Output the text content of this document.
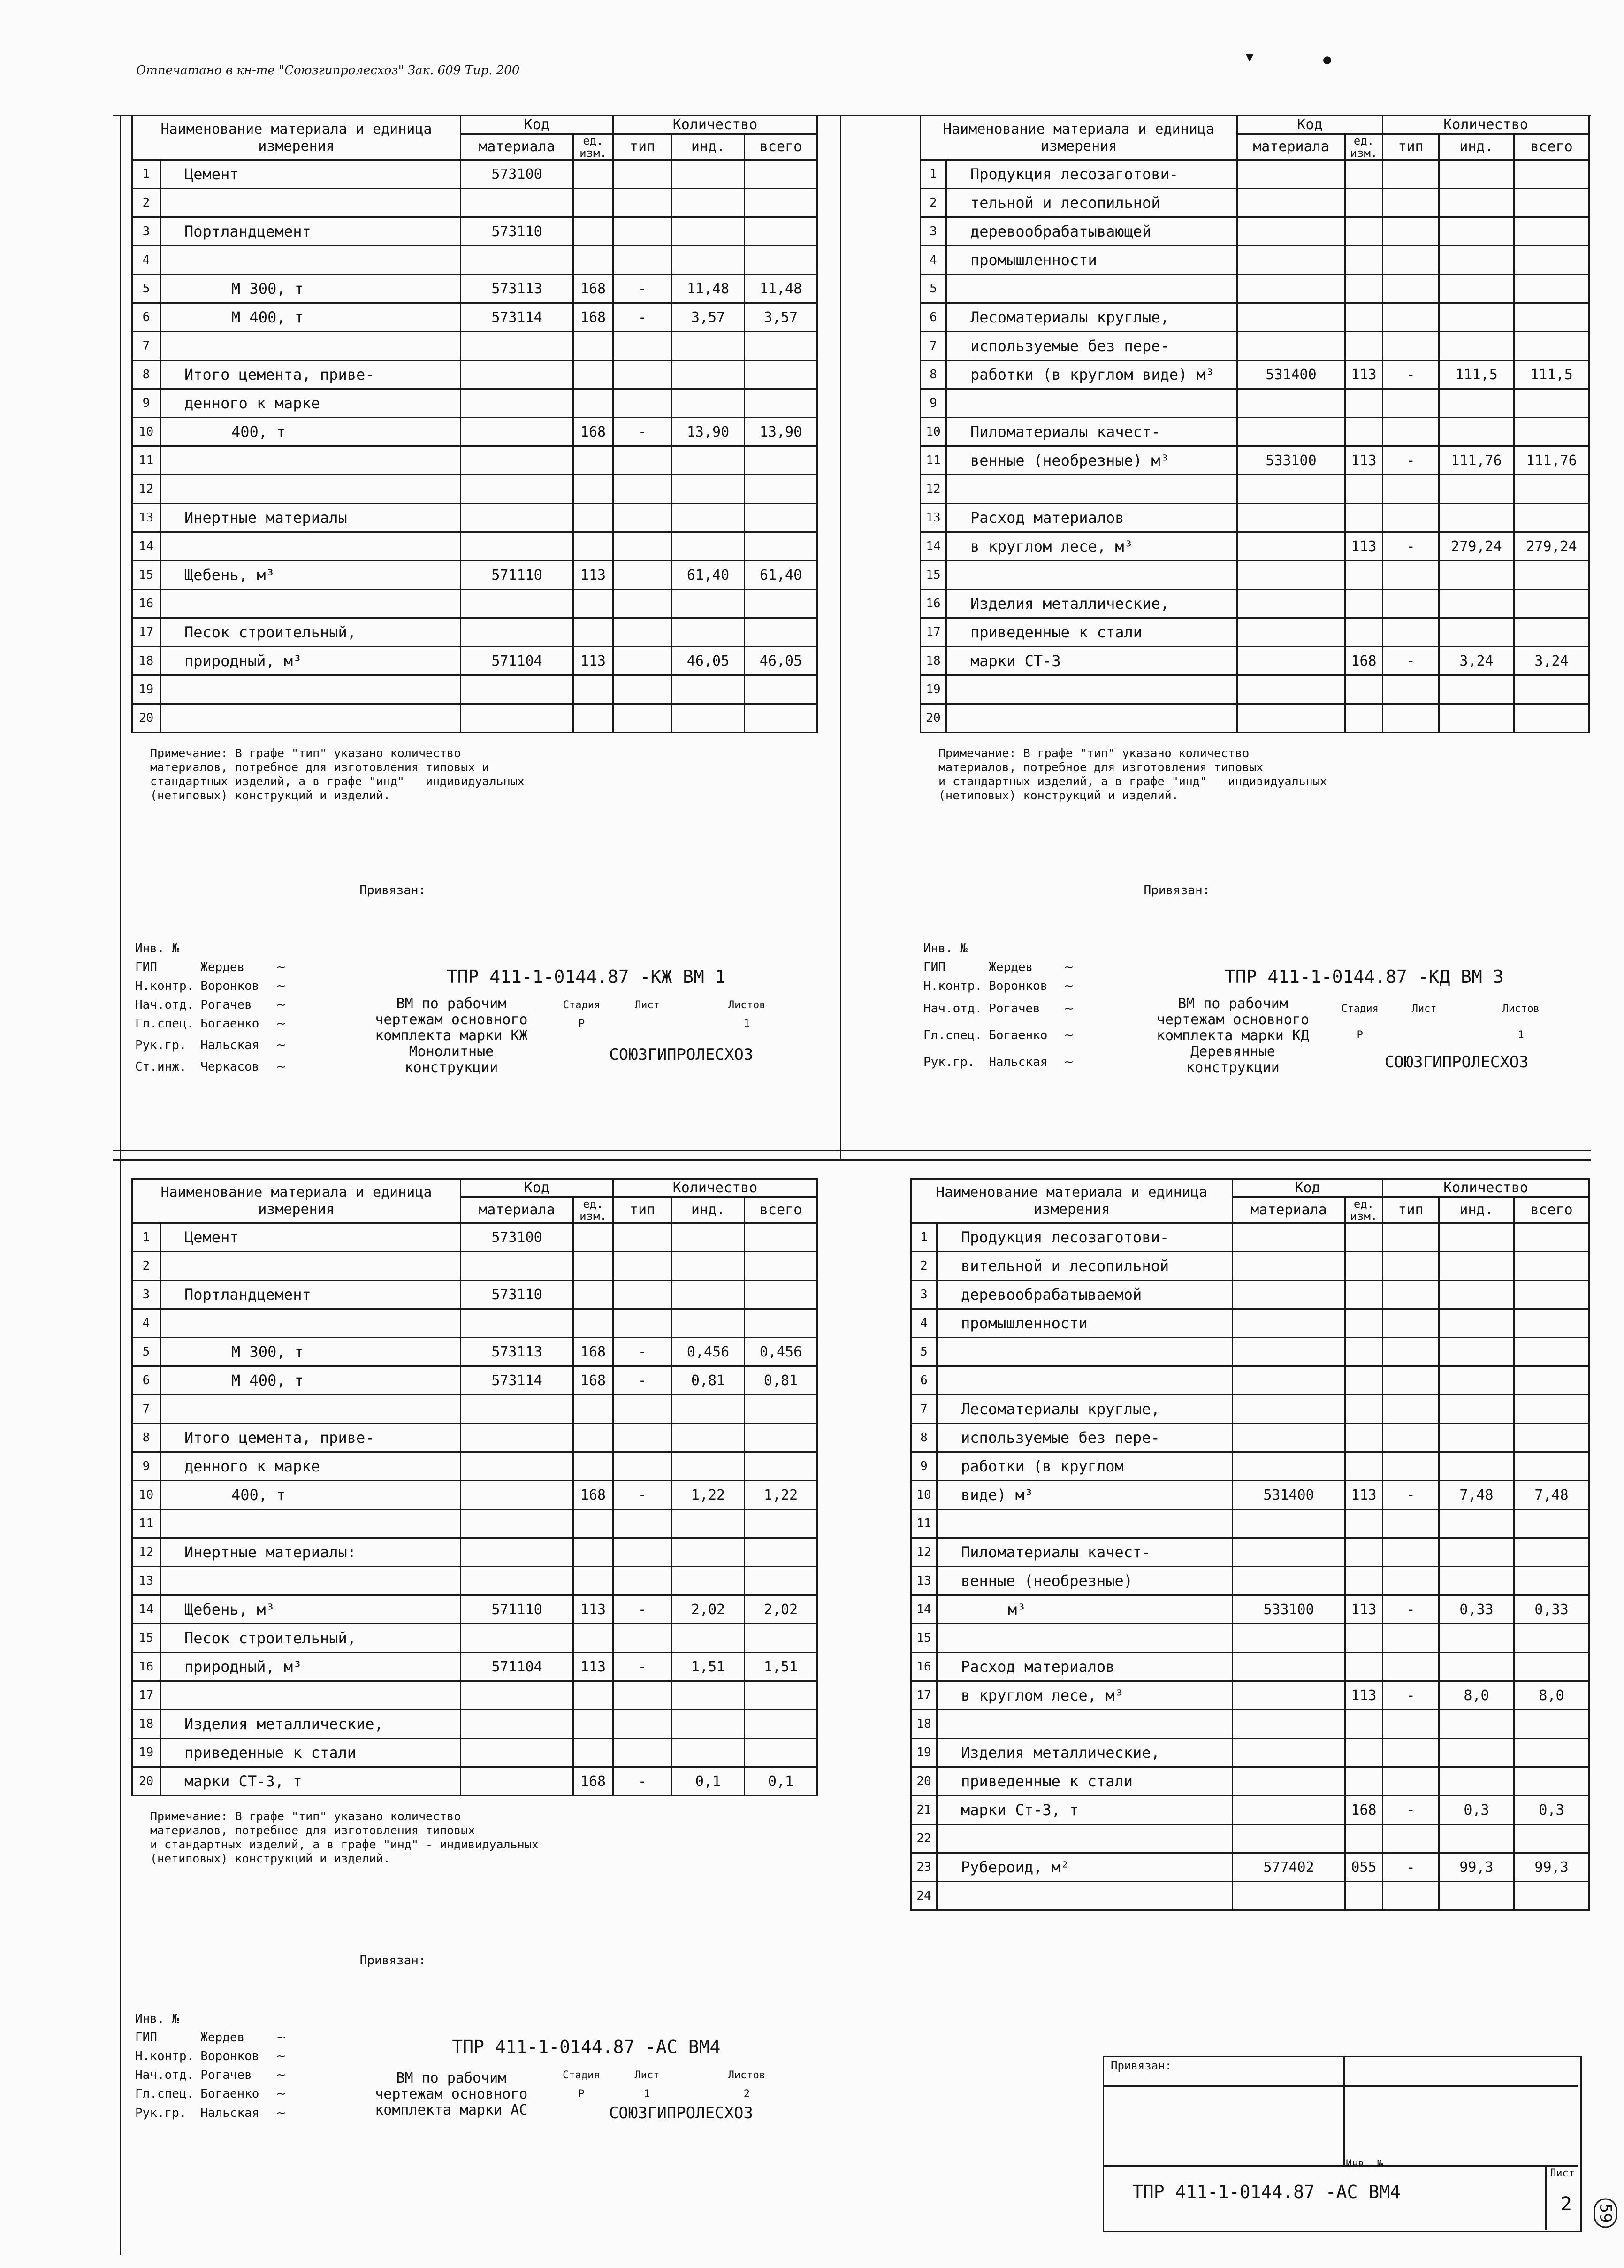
Отпечатано в кн-те "Союзгипролесхоз" Зак. 609 Тир. 200
▾	●
Наименование материала и единица измерения		Код		Количество		
		материала	ед. изм.	тип	инд.	всего
1	Цемент	573100				
2						
3	Портландцемент	573110				
4						
5	М 300, т	573113	168	-	11,48	11,48
6	М 400, т	573114	168	-	3,57	3,57
7						
8	Итого цемента, приве-					
9	денного к марке					
10	400, т		168	-	13,90	13,90
11						
12						
13	Инертные материалы					
14						
15	Щебень, м³	571110	113		61,40	61,40
16						
17	Песок строительный,					
18	природный, м³	571104	113		46,05	46,05
19						
20						
Примечание: В графе "тип" указано количество
материалов, потребное для изготовления типовых и
стандартных изделий, а в графе "инд" - индивидуальных
(нетиповых) конструкций и изделий.
				Привязан:			

Инв. №							
ГИП	Жердев	~		ТПР 411-1-0144.87 -КЖ ВМ 1			
Н.контр.	Воронков	~					
Нач.отд.	Рогачев	~		ВМ по рабочим чертежам основного комплекта марки КЖ Монолитные конструкции	Стадия	Лист	Листов
Гл.спец.	Богаенко	~			Р		1
Рук.гр.	Нальская	~			СОЮЗГИПРОЛЕСХОЗ		
Ст.инж.	Черкасов	~					
Наименование материала и единица измерения		Код		Количество		
		материала	ед. изм.	тип	инд.	всего
1	Продукция лесозаготови-					
2	тельной и лесопильной					
3	деревообрабатывающей					
4	промышленности					
5						
6	Лесоматериалы круглые,					
7	используемые без пере-					
8	работки (в круглом виде) м³	531400	113	-	111,5	111,5
9						
10	Пиломатериалы качест-					
11	венные (необрезные) м³	533100	113	-	111,76	111,76
12						
13	Расход материалов					
14	в круглом лесе, м³		113	-	279,24	279,24
15						
16	Изделия металлические,					
17	приведенные к стали					
18	марки СТ-3		168	-	3,24	3,24
19						
20						
Примечание: В графе "тип" указано количество
материалов, потребное для изготовления типовых
и стандартных изделий, а в графе "инд" - индивидуальных
(нетиповых) конструкций и изделий.
				Привязан:			

Инв. №							
ГИП	Жердев	~		ТПР 411-1-0144.87 -КД ВМ 3			
Н.контр.	Воронков	~					
Нач.отд.	Рогачев	~		ВМ по рабочим чертежам основного комплекта марки КД Деревянные конструкции	Стадия	Лист	Листов
Гл.спец.	Богаенко	~			Р		1
Рук.гр.	Нальская	~			СОЮЗГИПРОЛЕСХОЗ		
Наименование материала и единица измерения		Код		Количество		
		материала	ед. изм.	тип	инд.	всего
1	Цемент	573100				
2						
3	Портландцемент	573110				
4						
5	М 300, т	573113	168	-	0,456	0,456
6	М 400, т	573114	168	-	0,81	0,81
7						
8	Итого цемента, приве-					
9	денного к марке					
10	400, т		168	-	1,22	1,22
11						
12	Инертные материалы:					
13						
14	Щебень, м³	571110	113	-	2,02	2,02
15	Песок строительный,					
16	природный, м³	571104	113	-	1,51	1,51
17						
18	Изделия металлические,					
19	приведенные к стали					
20	марки СТ-3, т		168	-	0,1	0,1
Примечание: В графе "тип" указано количество
материалов, потребное для изготовления типовых
и стандартных изделий, а в графе "инд" - индивидуальных
(нетиповых) конструкций и изделий.
				Привязан:			

Инв. №							
ГИП	Жердев	~		ТПР 411-1-0144.87 -АС ВМ4			
Н.контр.	Воронков	~					
Нач.отд.	Рогачев	~		ВМ по рабочим чертежам основного комплекта марки АС	Стадия	Лист	Листов
Гл.спец.	Богаенко	~			Р	1	2
Рук.гр.	Нальская	~			СОЮЗГИПРОЛЕСХОЗ		
Наименование материала и единица измерения		Код		Количество		
		материала	ед. изм.	тип	инд.	всего
1	Продукция лесозаготови-					
2	вительной и лесопильной					
3	деревообрабатываемой					
4	промышленности					
5						
6						
7	Лесоматериалы круглые,					
8	используемые без пере-					
9	работки (в круглом					
10	виде) м³	531400	113	-	7,48	7,48
11						
12	Пиломатериалы качест-					
13	венные (необрезные)					
14	м³	533100	113	-	0,33	0,33
15						
16	Расход материалов					
17	в круглом лесе, м³		113	-	8,0	8,0
18						
19	Изделия металлические,					
20	приведенные к стали					
21	марки Ст-3, т		168	-	0,3	0,3
22						
23	Рубероид, м²	577402	055	-	99,3	99,3
24						
Привязан:
Инв. №
ТПР 411-1-0144.87 -АС ВМ4
Лист
2 59
